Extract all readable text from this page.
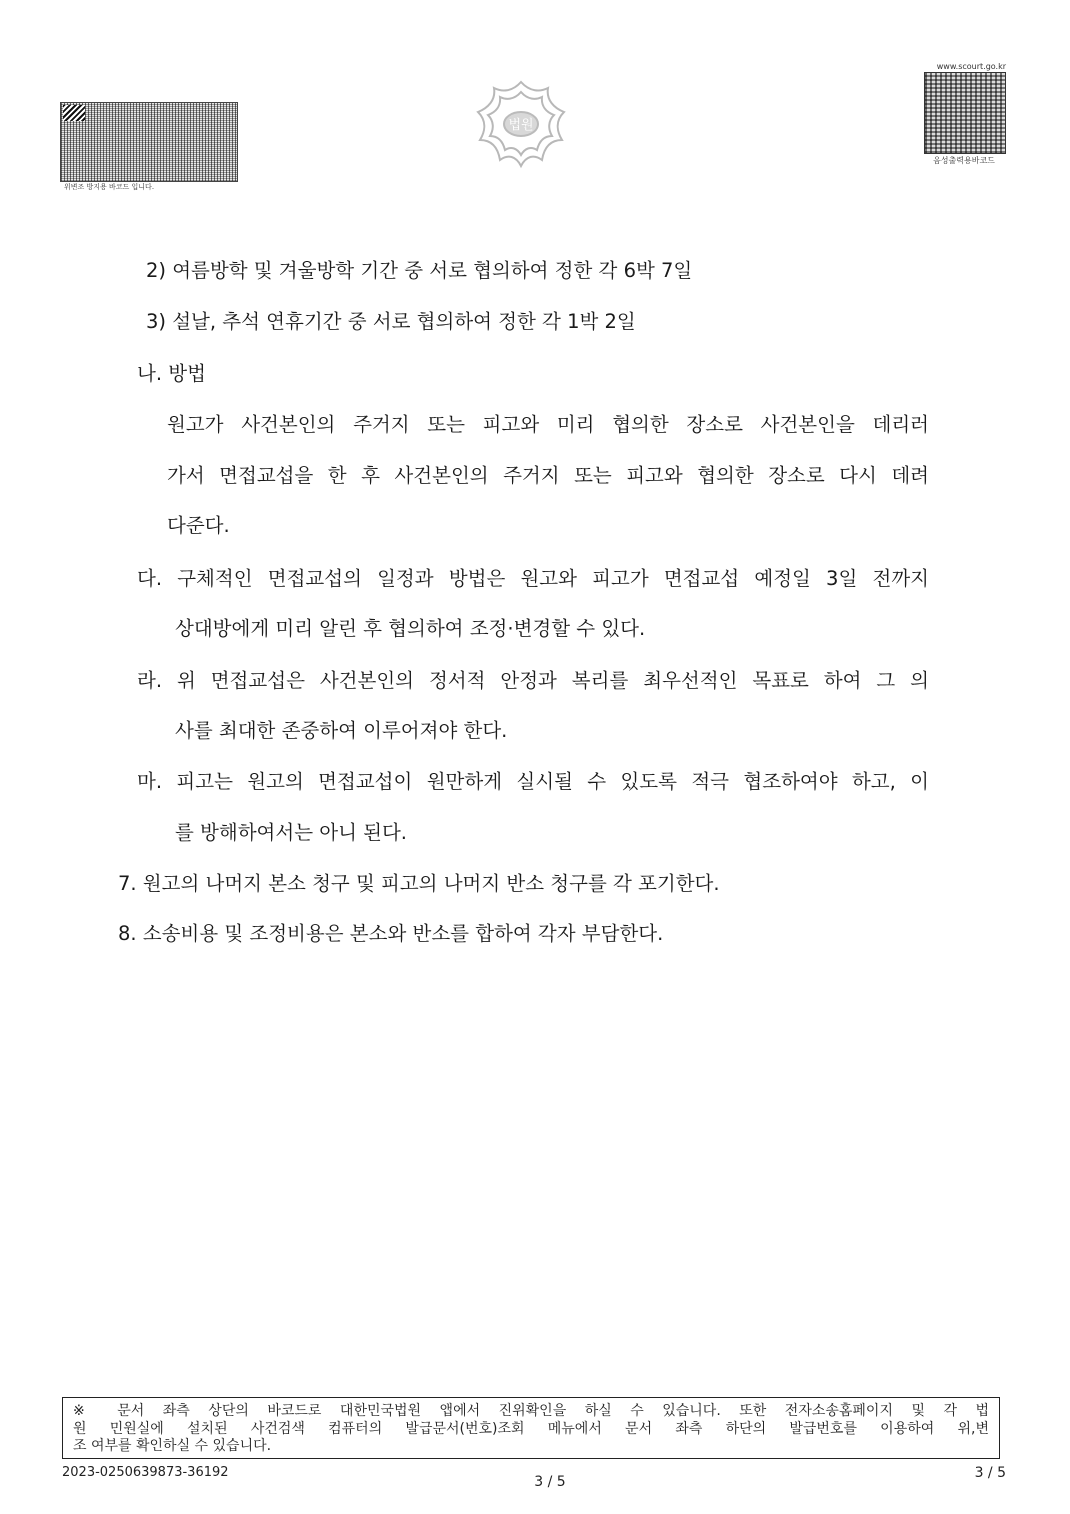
위변조 방지용 바코드 입니다.
법원
www.scourt.go.kr
음성출력용바코드
2) 여름방학 및 겨울방학 기간 중 서로 협의하여 정한 각 6박 7일
3) 설날, 추석 연휴기간 중 서로 협의하여 정한 각 1박 2일
나. 방법
원고가 사건본인의 주거지 또는 피고와 미리 협의한 장소로 사건본인을 데리러
가서 면접교섭을 한 후 사건본인의 주거지 또는 피고와 협의한 장소로 다시 데려
다준다.
다. 구체적인 면접교섭의 일정과 방법은 원고와 피고가 면접교섭 예정일 3일 전까지
상대방에게 미리 알린 후 협의하여 조정·변경할 수 있다.
라. 위 면접교섭은 사건본인의 정서적 안정과 복리를 최우선적인 목표로 하여 그 의
사를 최대한 존중하여 이루어져야 한다.
마. 피고는 원고의 면접교섭이 원만하게 실시될 수 있도록 적극 협조하여야 하고, 이
를 방해하여서는 아니 된다.
7. 원고의 나머지 본소 청구 및 피고의 나머지 반소 청구를 각 포기한다.
8. 소송비용 및 조정비용은 본소와 반소를 합하여 각자 부담한다.
※ 문서 좌측 상단의 바코드로 대한민국법원 앱에서 진위확인을 하실 수 있습니다. 또한 전자소송홈페이지 및 각 법
원 민원실에 설치된 사건검색 컴퓨터의 발급문서(번호)조회 메뉴에서 문서 좌측 하단의 발급번호를 이용하여 위,변
조 여부를 확인하실 수 있습니다.
2023-0250639873-36192
3 / 5
3 / 5
